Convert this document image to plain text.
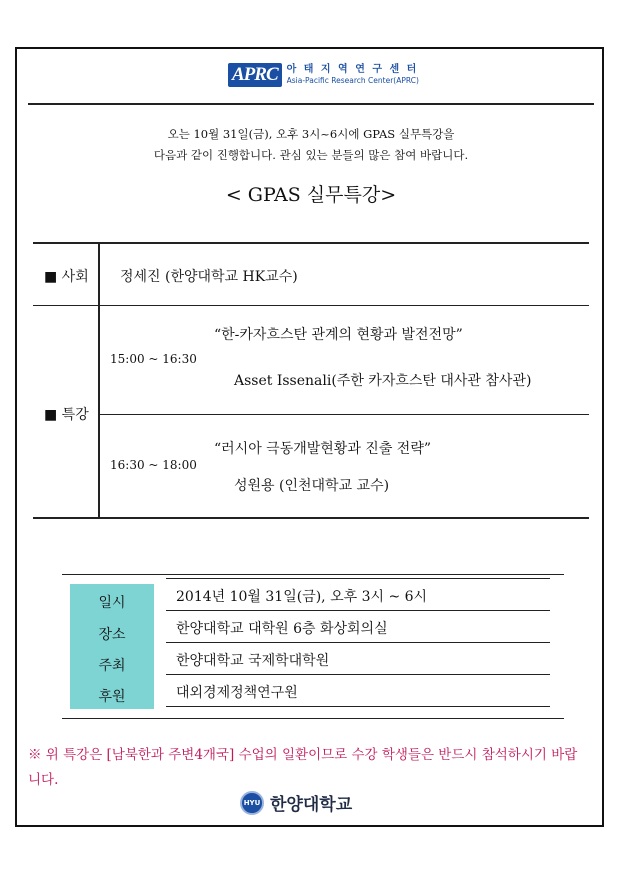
APRC 아 태 지 역 연 구 센 터
Asia-Pacific Research Center(APRC)
오는 10월 31일(금), 오후 3시~6시에 GPAS 실무특강을
다음과 같이 진행합니다. 관심 있는 분들의 많은 참여 바랍니다.
< GPAS 실무특강>
■ 사회 정세진 (한양대학교 HK교수)
■ 특강
“한-카자흐스탄 관계의 현황과 발전전망”
15:00 ~ 16:30
Asset Issenali(주한 카자흐스탄 대사관 참사관)
“러시아 극동개발현황과 진출 전략”
16:30 ~ 18:00
성원용 (인천대학교 교수)
일시
장소
주최
후원
2014년 10월 31일(금), 오후 3시 ~ 6시
한양대학교 대학원 6층 화상회의실
한양대학교 국제학대학원
대외경제정책연구원
※ 위 특강은 [남북한과 주변4개국] 수업의 일환이므로 수강 학생들은 반드시 참석하시기 바랍니다.
HYU 한양대학교
